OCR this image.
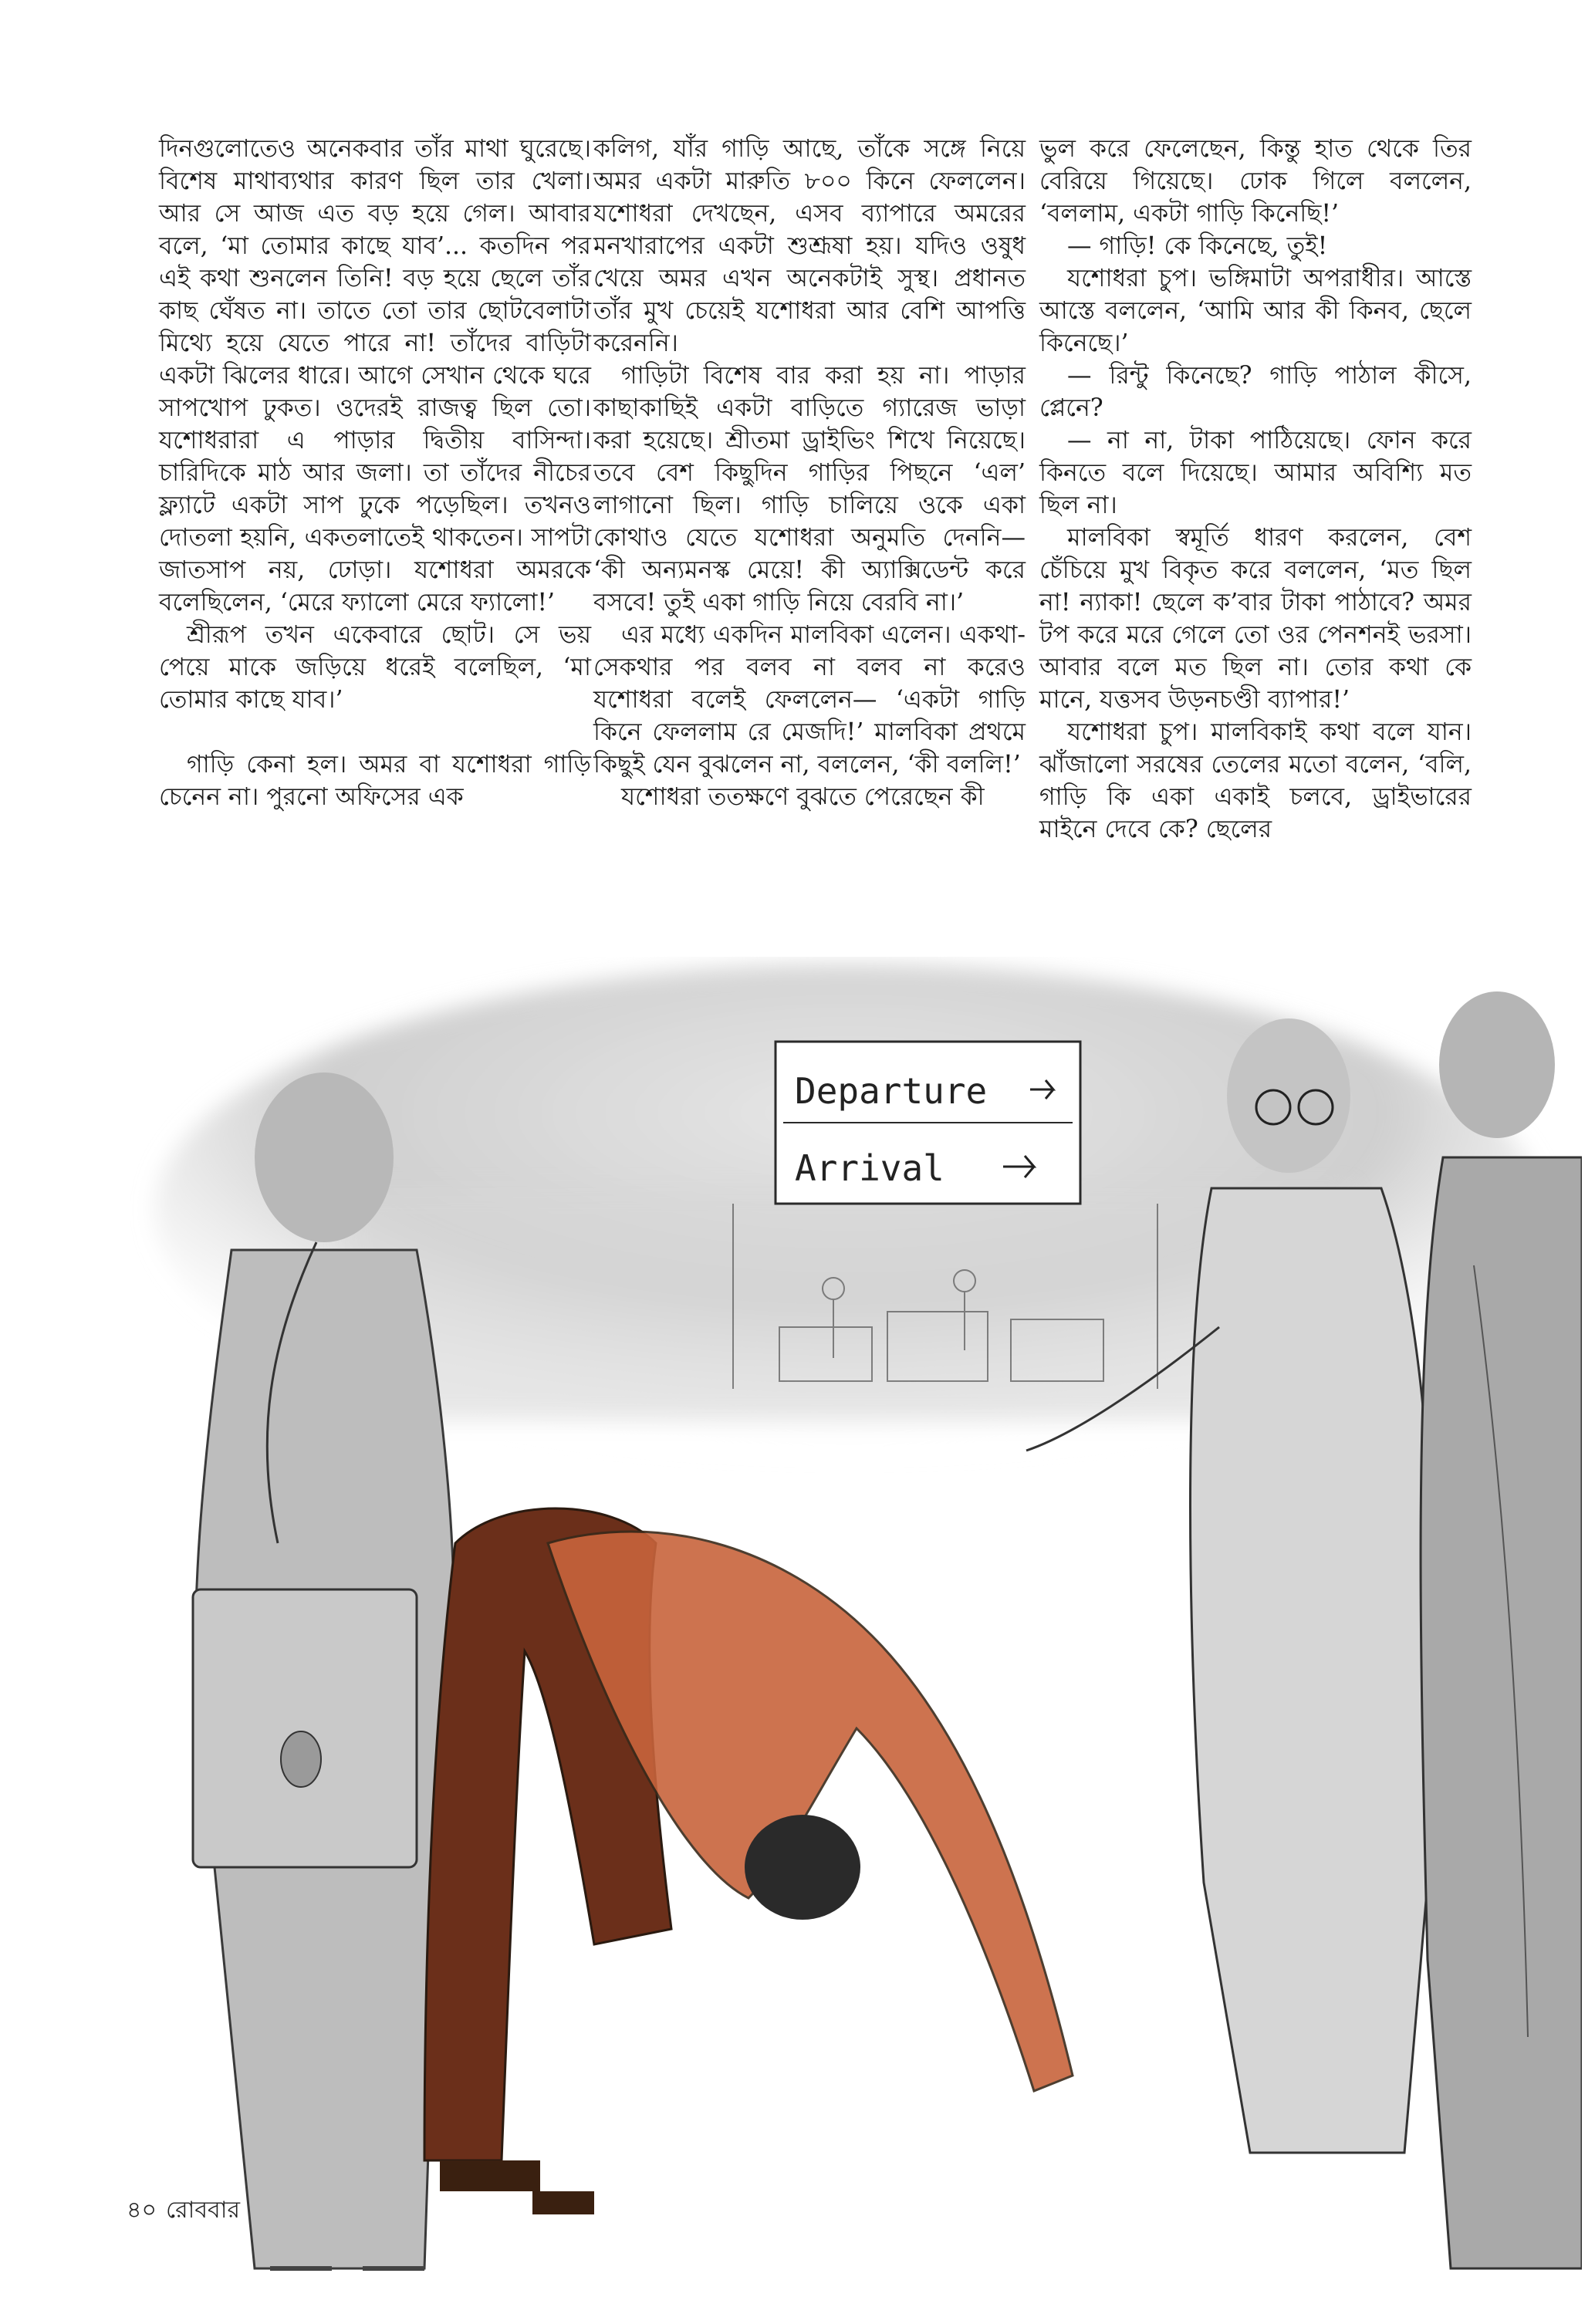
দিনগুলোতেও অনেকবার তাঁর মাথা ঘুরেছে। বিশেষ মাথাব্যথার কারণ ছিল তার খেলা। আর সে আজ এত বড় হয়ে গেল। আবার বলে, ‘মা তোমার কাছে যাব’... কতদিন পর এই কথা শুনলেন তিনি! বড় হয়ে ছেলে তাঁর কাছ ঘেঁষত না। তাতে তো তার ছোটবেলাটা মিথ্যে হয়ে যেতে পারে না! তাঁদের বাড়িটা একটা ঝিলের ধারে। আগে সেখান থেকে ঘরে সাপখোপ ঢুকত। ওদেরই রাজত্ব ছিল তো। যশোধরারা এ পাড়ার দ্বিতীয় বাসিন্দা। চারিদিকে মাঠ আর জলা। তা তাঁদের নীচের ফ্ল্যাটে একটা সাপ ঢুকে পড়েছিল। তখনও দোতলা হয়নি, একতলাতেই থাকতেন। সাপটা জাতসাপ নয়, ঢোড়া। যশোধরা অমরকে বলেছিলেন, ‘মেরে ফ্যালো মেরে ফ্যালো!’

শ্রীরূপ তখন একেবারে ছোট। সে ভয় পেয়ে মাকে জড়িয়ে ধরেই বলেছিল, ‘মা তোমার কাছে যাব।’

গাড়ি কেনা হল। অমর বা যশোধরা গাড়ি চেনেন না। পুরনো অফিসের এক

কলিগ, যাঁর গাড়ি আছে, তাঁকে সঙ্গে নিয়ে অমর একটা মারুতি ৮০০ কিনে ফেললেন। যশোধরা দেখছেন, এসব ব্যাপারে অমরের মনখারাপের একটা শুশ্রূষা হয়। যদিও ওষুধ খেয়ে অমর এখন অনেকটাই সুস্থ। প্রধানত তাঁর মুখ চেয়েই যশোধরা আর বেশি আপত্তি করেননি।

গাড়িটা বিশেষ বার করা হয় না। পাড়ার কাছাকাছিই একটা বাড়িতে গ্যারেজ ভাড়া করা হয়েছে। শ্রীতমা ড্রাইভিং শিখে নিয়েছে। তবে বেশ কিছুদিন গাড়ির পিছনে ‘এল’ লাগানো ছিল। গাড়ি চালিয়ে ওকে একা কোথাও যেতে যশোধরা অনুমতি দেননি— ‘কী অন্যমনস্ক মেয়ে! কী অ্যাক্সিডেন্ট করে বসবে! তুই একা গাড়ি নিয়ে বেরবি না।’

এর মধ্যে একদিন মালবিকা এলেন। একথা-সেকথার পর বলব না বলব না করেও যশোধরা বলেই ফেললেন— ‘একটা গাড়ি কিনে ফেললাম রে মেজদি!’ মালবিকা প্রথমে কিছুই যেন বুঝলেন না, বললেন, ‘কী বললি!’

যশোধরা ততক্ষণে বুঝতে পেরেছেন কী

ভুল করে ফেলেছেন, কিন্তু হাত থেকে তির বেরিয়ে গিয়েছে। ঢোক গিলে বললেন, ‘বললাম, একটা গাড়ি কিনেছি!’

— গাড়ি! কে কিনেছে, তুই!

যশোধরা চুপ। ভঙ্গিমাটা অপরাধীর। আস্তে আস্তে বললেন, ‘আমি আর কী কিনব, ছেলে কিনেছে।’

— রিন্টু কিনেছে? গাড়ি পাঠাল কীসে, প্লেনে?

— না না, টাকা পাঠিয়েছে। ফোন করে কিনতে বলে দিয়েছে। আমার অবিশ্যি মত ছিল না।

মালবিকা স্বমূর্তি ধারণ করলেন, বেশ চেঁচিয়ে মুখ বিকৃত করে বললেন, ‘মত ছিল না! ন্যাকা! ছেলে ক’বার টাকা পাঠাবে? অমর টপ করে মরে গেলে তো ওর পেনশনই ভরসা। আবার বলে মত ছিল না। তোর কথা কে মানে, যত্তসব উড়নচণ্ডী ব্যাপার!’

যশোধরা চুপ। মালবিকাই কথা বলে যান। ঝাঁজালো সরষের তেলের মতো বলেন, ‘বলি, গাড়ি কি একা একাই চলবে, ড্রাইভারের মাইনে দেবে কে? ছেলের

Departure
Arrival
৪০ রোববার
